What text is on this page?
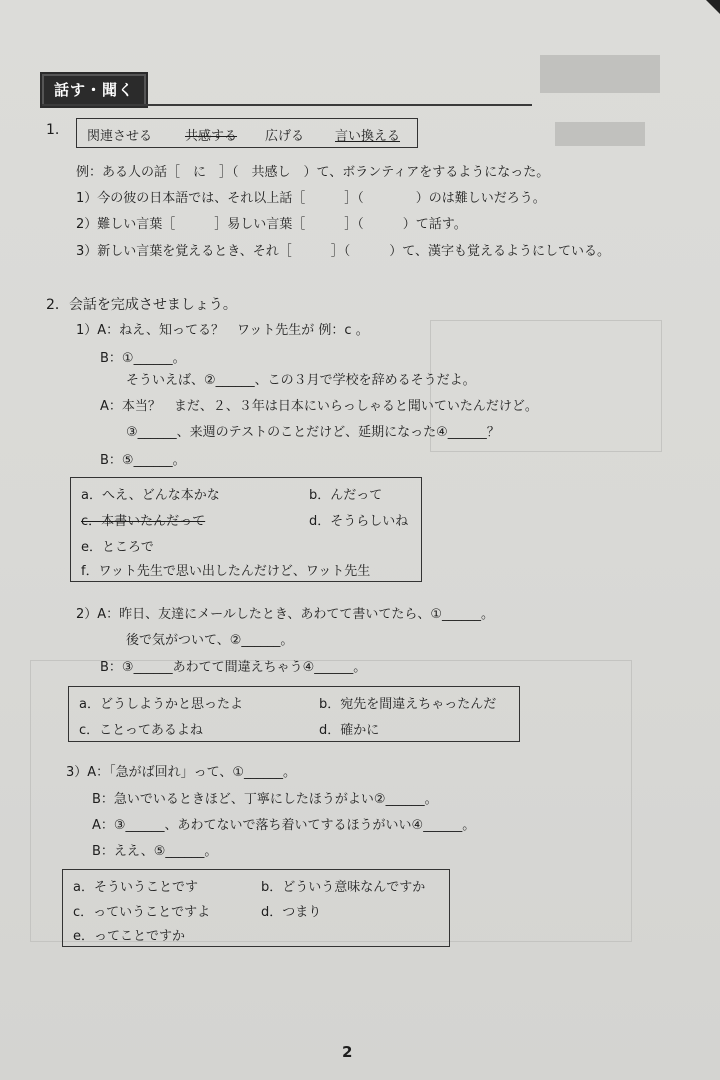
話す・聞く
1. 関連させる	共感する 広げる 言い換える
例：ある人の話［　に　］（　共感し　）て、ボランティアをするようになった。
1）今の彼の日本語では、それ以上話［　　　］（　　　　）のは難しいだろう。
2）難しい言葉［　　　］易しい言葉［　　　］（　　　）て話す。
3）新しい言葉を覚えるとき、それ［　　　］（　　　）て、漢字も覚えるようにしている。
2．会話を完成させましょう。
1）A：ねえ、知ってる？　ワット先生が 例：c 。
B：①______。
そういえば、②______、この３月で学校を辞めるそうだよ。
A：本当？　まだ、２、３年は日本にいらっしゃると聞いていたんだけど。
③______、来週のテストのことだけど、延期になった④______？
B：⑤______。
a．へえ、どんな本かな	b．んだって
c．本書いたんだって	d．そうらしいね
e．ところで
f．ワット先生で思い出したんだけど、ワット先生
2）A：昨日、友達にメールしたとき、あわてて書いてたら、①______。
後で気がついて、②______。
B：③______あわてて間違えちゃう④______。
a．どうしようかと思ったよ	b．宛先を間違えちゃったんだ
c．ことってあるよね	d．確かに
3）A：「急がば回れ」って、①______。
B：急いでいるときほど、丁寧にしたほうがよい②______。
A：③______、あわてないで落ち着いてするほうがいい④______。
B：ええ、⑤______。
a．そういうことです	b．どういう意味なんですか
c．っていうことですよ	d．つまり
e．ってことですか
2
